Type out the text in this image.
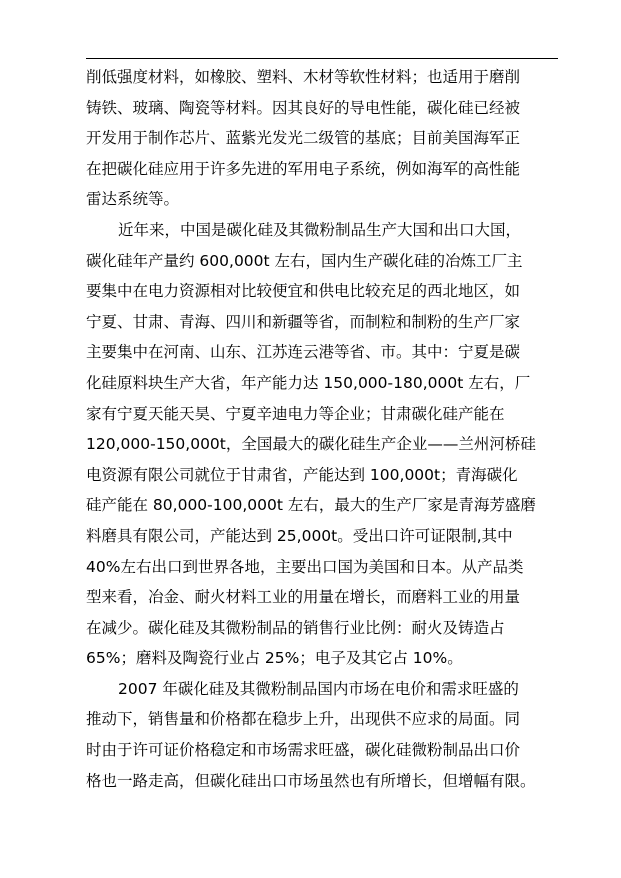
削低强度材料，如橡胶、塑料、木材等软性材料；也适用于磨削
铸铁、玻璃、陶瓷等材料。因其良好的导电性能，碳化硅已经被
开发用于制作芯片、蓝紫光发光二级管的基底；目前美国海军正
在把碳化硅应用于许多先进的军用电子系统，例如海军的高性能
雷达系统等。
近年来，中国是碳化硅及其微粉制品生产大国和出口大国，
碳化硅年产量约 600,000t 左右，国内生产碳化硅的冶炼工厂主
要集中在电力资源相对比较便宜和供电比较充足的西北地区，如
宁夏、甘肃、青海、四川和新疆等省，而制粒和制粉的生产厂家
主要集中在河南、山东、江苏连云港等省、市。其中：宁夏是碳
化硅原料块生产大省，年产能力达 150,000-180,000t 左右，厂
家有宁夏天能天昊、宁夏辛迪电力等企业；甘肃碳化硅产能在
120,000-150,000t，全国最大的碳化硅生产企业——兰州河桥硅
电资源有限公司就位于甘肃省，产能达到 100,000t；青海碳化
硅产能在 80,000-100,000t 左右，最大的生产厂家是青海芳盛磨
料磨具有限公司，产能达到 25,000t。受出口许可证限制,其中
40%左右出口到世界各地，主要出口国为美国和日本。从产品类
型来看，冶金、耐火材料工业的用量在增长，而磨料工业的用量
在减少。碳化硅及其微粉制品的销售行业比例：耐火及铸造占
65%；磨料及陶瓷行业占 25%；电子及其它占 10%。
2007 年碳化硅及其微粉制品国内市场在电价和需求旺盛的
推动下，销售量和价格都在稳步上升，出现供不应求的局面。同
时由于许可证价格稳定和市场需求旺盛，碳化硅微粉制品出口价
格也一路走高，但碳化硅出口市场虽然也有所增长，但增幅有限。
